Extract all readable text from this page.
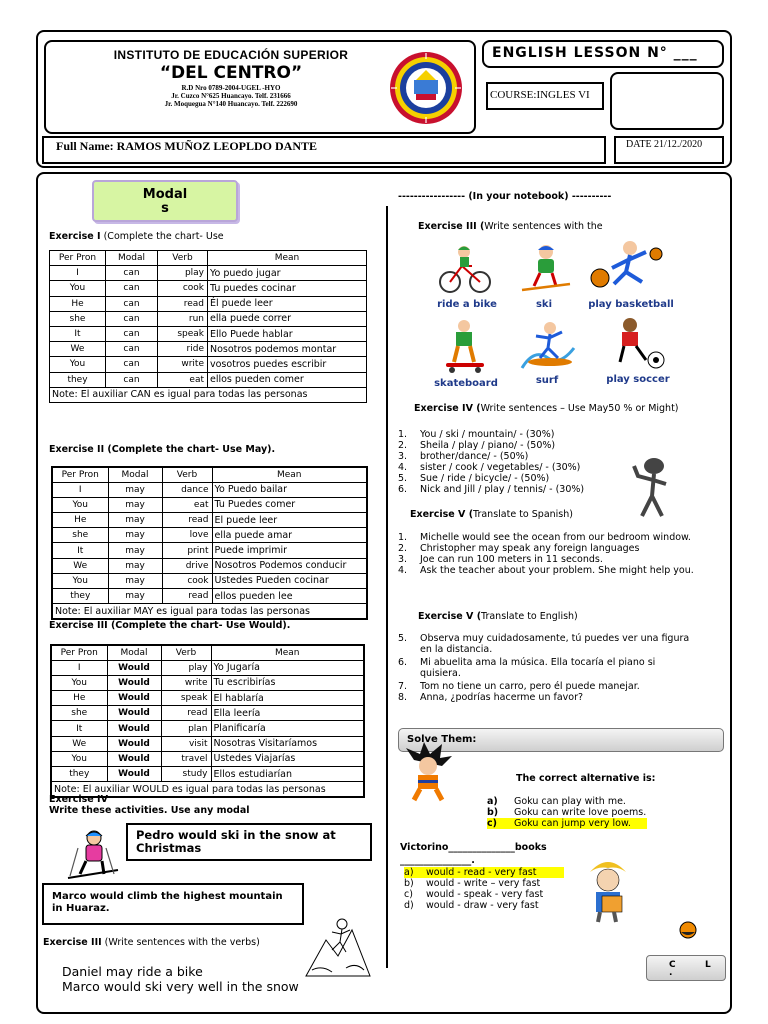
INSTITUTO DE EDUCACIÓN SUPERIOR
“DEL CENTRO”
R.D Nro 0789-2004-UGEL -HYO
Jr. Cuzco N°625 Huancayo. Telf. 231666
Jr. Moquegua N°140 Huancayo. Telf. 222690
ENGLISH LESSON N° ___
COURSE:INGLES VI
Full Name: RAMOS MUÑOZ LEOPLDO DANTE	DATE 21/12./2020
Modal
s
Exercise I (Complete the chart- Use
Per Pron	Modal	Verb	Mean
I	can	play	Yo puedo jugar
You	can	cook	Tu puedes cocinar
He	can	read	Él puede leer
she	can	run	ella puede correr
It	can	speak	Ello Puede hablar
We	can	ride	Nosotros podemos montar
You	can	write	vosotros puedes escribir
they	can	eat	ellos pueden comer
Note: El auxiliar CAN es igual para todas las personas			
Exercise II (Complete the chart- Use May).
Per Pron	Modal	Verb	Mean
I	may	dance	Yo Puedo bailar
You	may	eat	Tu Puedes comer
He	may	read	El puede leer
she	may	love	ella puede amar
It	may	print	Puede imprimir
We	may	drive	Nosotros Podemos conducir
You	may	cook	Ustedes Pueden cocinar
they	may	read	ellos pueden lee
Note: El auxiliar MAY es igual para todas las personas			
Exercise III (Complete the chart- Use Would).
Per Pron	Modal	Verb	Mean
I	Would	play	Yo Jugaría
You	Would	write	Tu escribirías
He	Would	speak	El hablaría
she	Would	read	Ella leería
It	Would	plan	Planificaría
We	Would	visit	Nosotras Visitaríamos
You	Would	travel	Ustedes Viajarías
they	Would	study	Ellos estudiarían
Note: El auxiliar WOULD es igual para todas las personas			
Exercise IV
Write these activities. Use any modal
Pedro would ski in the snow at Christmas
Marco would climb the highest mountain in Huaraz.
Exercise III (Write sentences with the verbs)
Daniel may ride a bike
Marco would ski very well in the snow
----------------- (In your notebook) ----------
Exercise III (Write sentences with the
ride a bike	ski	play basketball
skateboard	surf	play soccer
Exercise IV (Write sentences – Use May50 % or Might)
1.	You / ski / mountain/ - (30%)
2.	Sheila / play / piano/ - (50%)
3.	brother/dance/ - (50%)
4.	sister / cook / vegetables/ - (30%)
5.	Sue / ride / bicycle/ - (50%)
6.	Nick and Jill / play / tennis/ - (30%)
Exercise V (Translate to Spanish)
1.	Michelle would see the ocean from our bedroom window.
2.	Christopher may speak any foreign languages
3.	Joe can run 100 meters in 11 seconds.
4.	Ask the teacher about your problem. She might help you.
Exercise V (Translate to English)
5.	Observa muy cuidadosamente, tú puedes ver una figura en la distancia.
6.	Mi abuelita ama la música. Ella tocaría el piano si quisiera.
7.	Tom no tiene un carro, pero él puede manejar.
8.	Anna, ¿podrías hacerme un favor?
Solve Them:
The correct alternative is:
a)	Goku can play with me.
b)	Goku can write love poems.
c)	Goku can jump very low.
Victorino______________books
_______________.
a)	would - read - very fast
b)	would - write – very fast
c)	would - speak - very fast
d)	would - draw - very fast
C	L
.
